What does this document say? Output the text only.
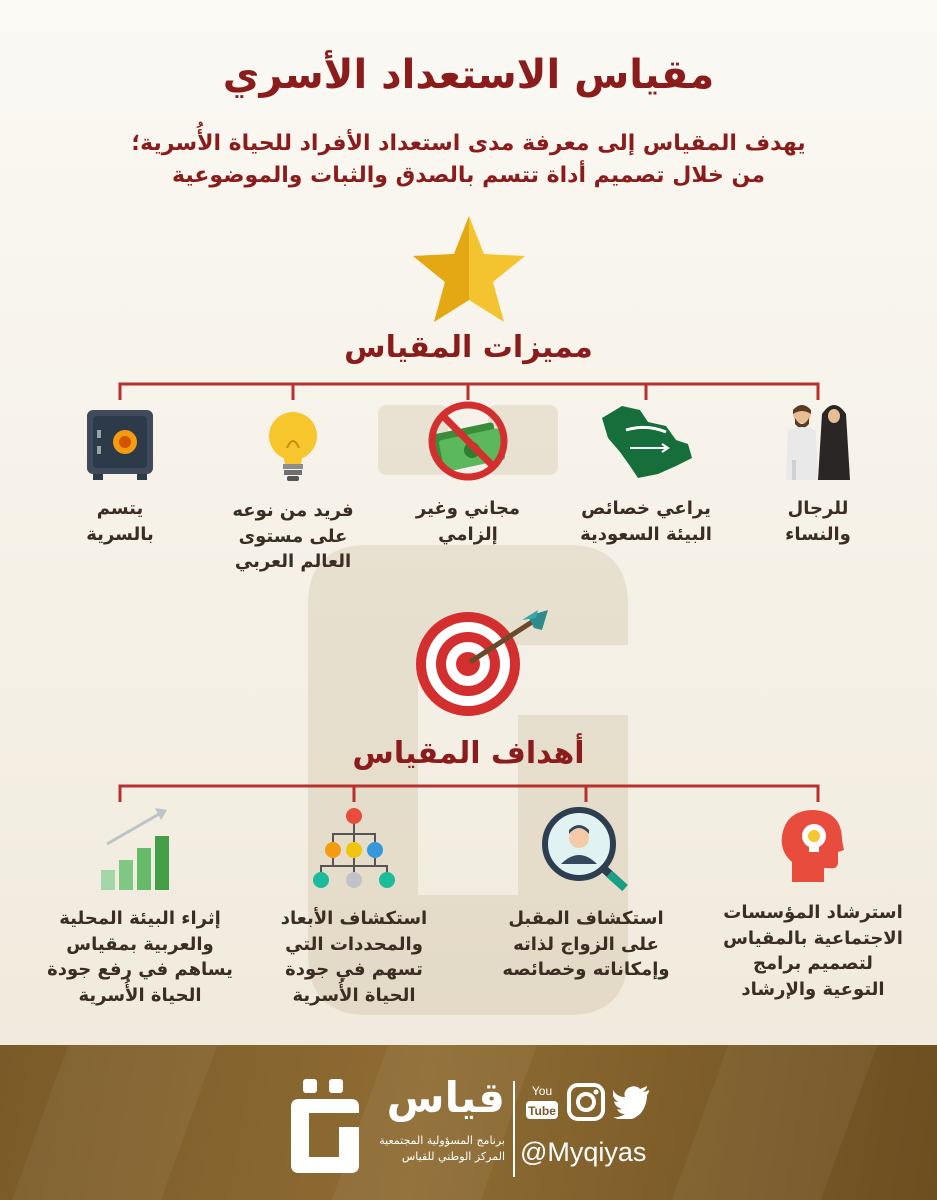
مقياس الاستعداد الأسري
يهدف المقياس إلى معرفة مدى استعداد الأفراد للحياة الأُسرية؛
من خلال تصميم أداة تتسم بالصدق والثبات والموضوعية
مميزات المقياس
للرجال
والنساء
يراعي خصائص
البيئة السعودية
مجاني وغير
إلزامي
فريد من نوعه
على مستوى
العالم العربي
يتسم
بالسرية
أهداف المقياس
استرشاد المؤسسات
الاجتماعية بالمقياس
لتصميم برامج
التوعية والإرشاد
استكشاف المقبل
على الزواج لذاته
وإمكاناته وخصائصه
استكشاف الأبعاد
والمحددات التي
تسهم في جودة
الحياة الأُسرية
إثراء البيئة المحلية
والعربية بمقياس
يساهم في رفع جودة
الحياة الأُسرية
قياس
برنامج المسؤولية المجتمعية
المركز الوطني للقياس
You
Tube
@Myqiyas
